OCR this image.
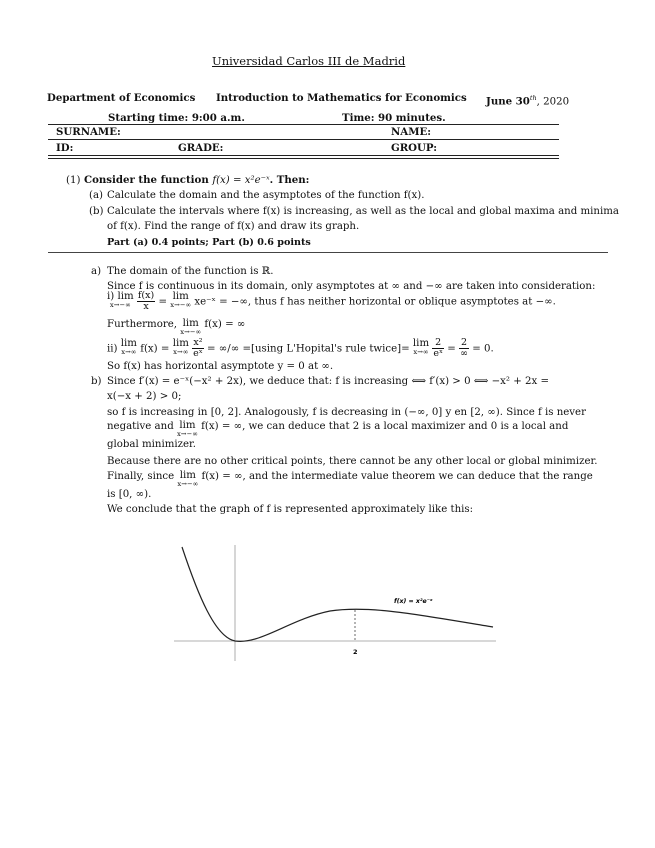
Universidad Carlos III de Madrid
Department of Economics Introduction to Mathematics for Economics June 30th, 2020
Starting time: 9:00 a.m.	Time: 90 minutes.
SURNAME:	NAME:
ID:	GRADE:	GROUP:
(1) Consider the function f(x) = x²e⁻ˣ. Then:
(a) Calculate the domain and the asymptotes of the function f(x).
(b) Calculate the intervals where f(x) is increasing, as well as the local and global maxima and minima
of f(x). Find the range of f(x) and draw its graph.
Part (a) 0.4 points; Part (b) 0.6 points
a) The domain of the function is ℝ.
Since f is continuous in its domain, only asymptotes at ∞ and −∞ are taken into consideration:
i) lim
x→−∞
$\frac{f(x)}{x} = \lim$
x→−∞ xe⁻ˣ = −∞, thus f has neither horizontal or oblique asymptotes at −∞.
Furthermore, lim
x→−∞
f(x) = ∞
ii) lim
x→∞ f(x) = lim
x→∞
$\frac{\text{x²}}{\text{eˣ}}$ = ∞/∞ =[using L'Hopital's rule twice]= lim
x→∞
$\frac{2}{\text{eˣ}} = \frac{2}{\infty} = 0$.
So f(x) has horizontal asymptote y = 0 at ∞.
b) Since f′(x) = e⁻ˣ(−x² + 2x), we deduce that: f is increasing ⟺ f′(x) > 0 ⟺ −x² + 2x =
x(−x + 2) > 0;
so f is increasing in [0, 2]. Analogously, f is decreasing in (−∞, 0] y en [2, ∞). Since f is never
negative and lim
x→−∞
f(x) = ∞, we can deduce that 2 is a local maximizer and 0 is a local and
global minimizer.
Because there are no other critical points, there cannot be any other local or global minimizer.
Finally, since lim
x→−∞
f(x) = ∞, and the intermediate value theorem we can deduce that the range
is [0, ∞).
We conclude that the graph of f is represented approximately like this:
2
f(x) = x²e⁻ˣ
